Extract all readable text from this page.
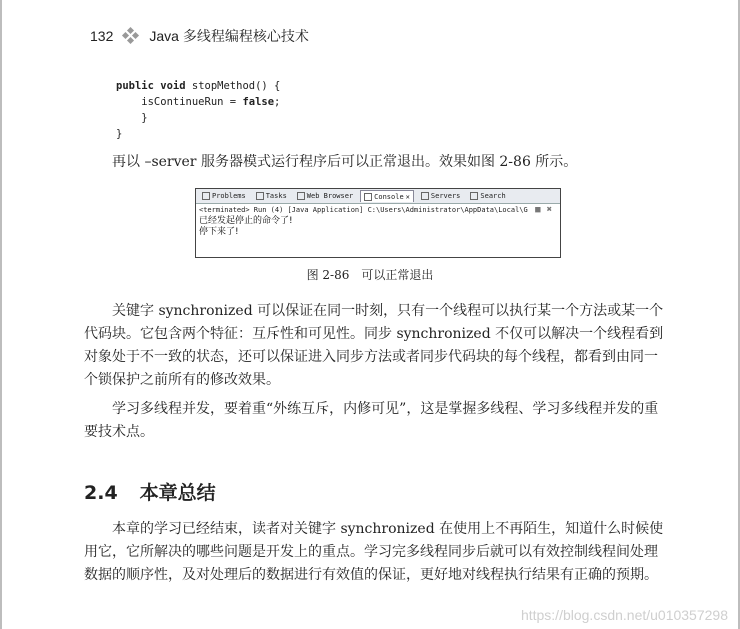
132	Java 多线程编程核心技术
public void stopMethod() {
isContinueRun = false;
}
}

再以 –server 服务器模式运行程序后可以正常退出。效果如图 2-86 所示。

Problems	Tasks	Web Browser	Console ✕	Servers	Search
<terminated> Run (4) [Java Application] C:\Users\Administrator\AppData\Local\G ■ ✖
已经发起停止的命令了!
停下来了!
图 2-86　可以正常退出

关键字 synchronized 可以保证在同一时刻，只有一个线程可以执行某一个方法或某一个代码块。它包含两个特征：互斥性和可见性。同步 synchronized 不仅可以解决一个线程看到对象处于不一致的状态，还可以保证进入同步方法或者同步代码块的每个线程，都看到由同一个锁保护之前所有的修改效果。

学习多线程并发，要着重“外练互斥，内修可见”，这是掌握多线程、学习多线程并发的重要技术点。

2.4 本章总结

本章的学习已经结束，读者对关键字 synchronized 在使用上不再陌生，知道什么时候使用它，它所解决的哪些问题是开发上的重点。学习完多线程同步后就可以有效控制线程间处理数据的顺序性，及对处理后的数据进行有效值的保证，更好地对线程执行结果有正确的预期。

https://blog.csdn.net/u010357298
